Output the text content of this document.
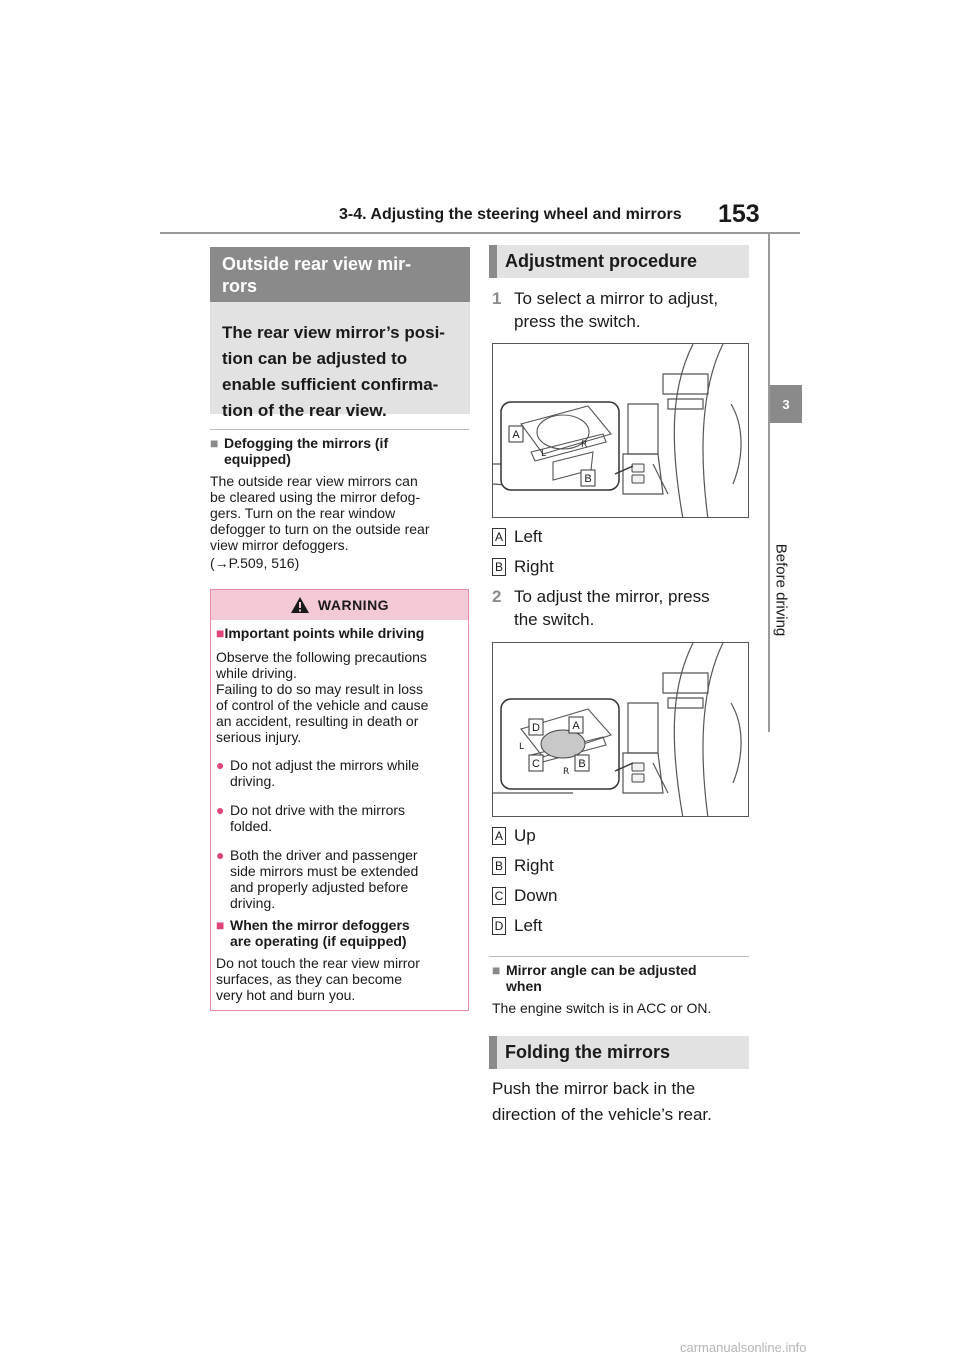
3-4. Adjusting the steering wheel and mirrors 153
3
Before driving
Outside rear view mir-
rors
The rear view mirror’s posi-
tion can be adjusted to
enable sufficient confirma-
tion of the rear view.
■ Defogging the mirrors (if
equipped)
The outside rear view mirrors can
be cleared using the mirror defog-
gers. Turn on the rear window
defogger to turn on the outside rear
view mirror defoggers.
(→P.509, 516)
WARNING
■Important points while driving
Observe the following precautions
while driving.
Failing to do so may result in loss
of control of the vehicle and cause
an accident, resulting in death or
serious injury.
● Do not adjust the mirrors while
driving.
● Do not drive with the mirrors
folded.
● Both the driver and passenger
side mirrors must be extended
and properly adjusted before
driving.
■ When the mirror defoggers
are operating (if equipped)
Do not touch the rear view mirror
surfaces, as they can become
very hot and burn you.
Adjustment procedure
1 To select a mirror to adjust,
press the switch.
L
R
A
B
A Left
B Right
2 To adjust the mirror, press
the switch.
L
R
D	A
C	B
A Up
B Right
C Down
D Left
■ Mirror angle can be adjusted
when
The engine switch is in ACC or ON.
Folding the mirrors
Push the mirror back in the
direction of the vehicle’s rear.
carmanualsonline.info
